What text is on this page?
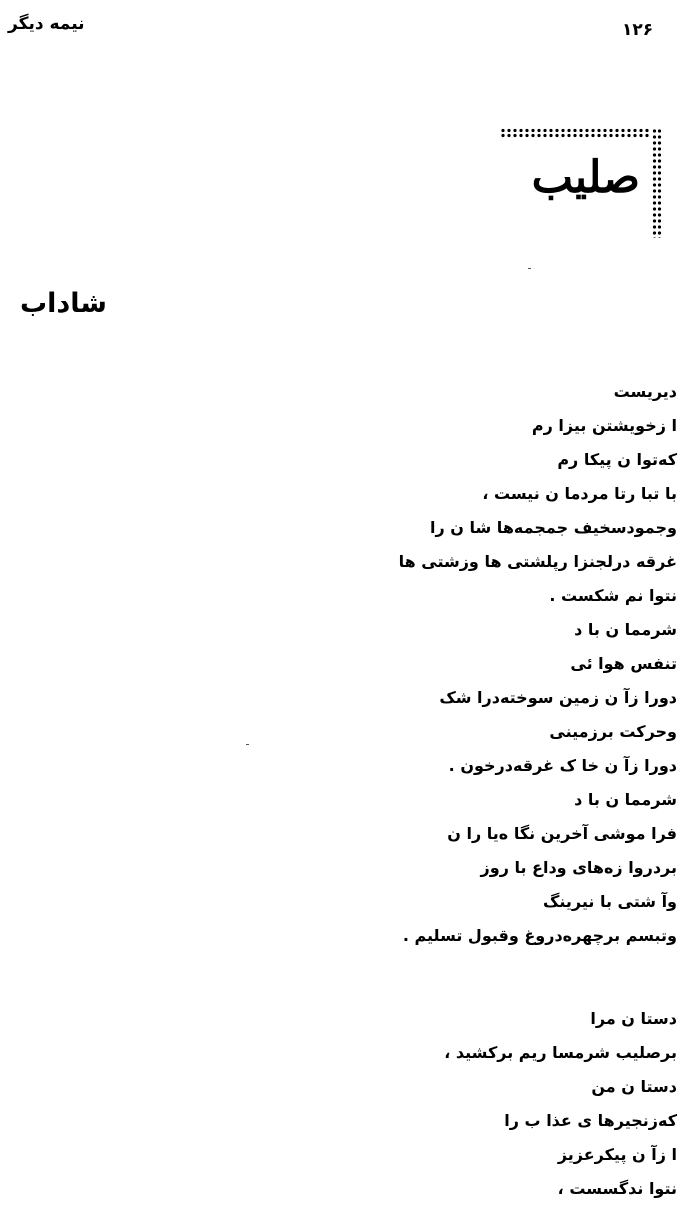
۱۲۶
نیمه دیگر
صلیب
شاداب
دیریست
ا زخویشتن بیزا رم
که‌توا ن پیکا رم
با تبا رتا مردما ن نیست ،
وجمودسخیف جمجمه‌ها شا ن را
غرقه درلجنزا رپلشتی ها وزشتی ها
نتوا نم شکست .
شرمما ن با د
تنفس هوا ئی
دورا زآ ن زمین سوخته‌درا شک
وحرکت برزمینی
دورا زآ ن خا ک غرقه‌درخون .
شرمما ن با د
فرا موشی آخرین نگا ه‌یا را ن
بردروا زه‌های وداع با روز
وآ شتی با نیرینگ
وتبسم برچهره‌دروغ وقبول تسلیم .
دستا ن مرا
برصلیب شرمسا ریم برکشید ،
دستا ن من
که‌زنجیرها ی عذا ب را
ا زآ ن پیکرعزیز
نتوا ندگسست ،
